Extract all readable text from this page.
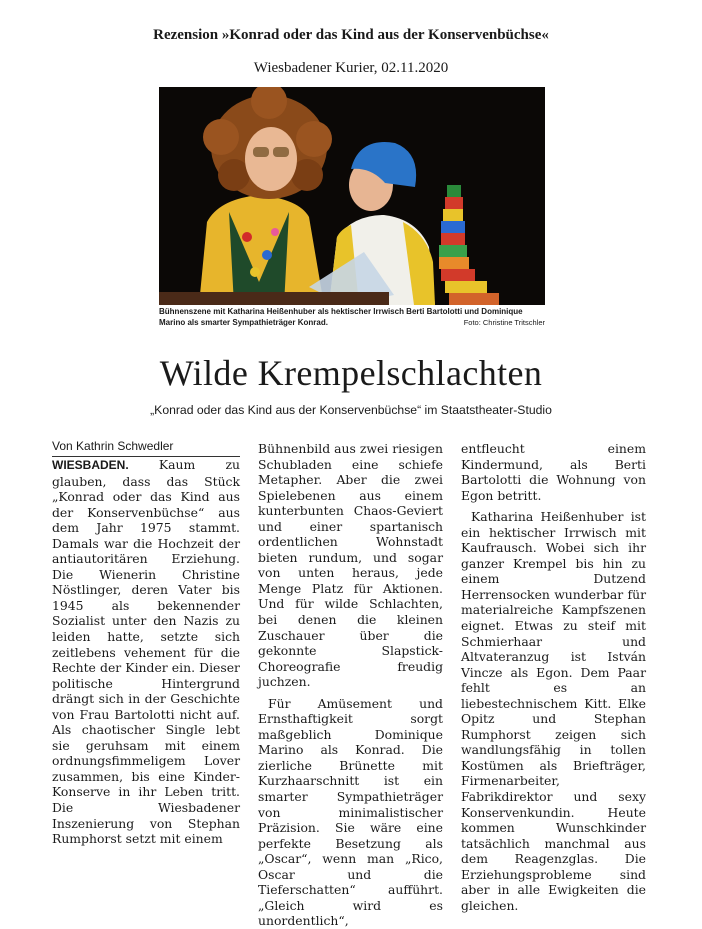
Rezension »Konrad oder das Kind aus der Konservenbüchse«
Wiesbadener Kurier, 02.11.2020
Bühnenszene mit Katharina Heißenhuber als hektischer Irrwisch Berti Bartolotti und Dominique Marino als smarter Sympathieträger Konrad.	Foto: Christine Tritschler
Wilde Krempelschlachten
„Konrad oder das Kind aus der Konservenbüchse“ im Staatstheater-Studio
Von Kathrin Schwedler

WIESBADEN. Kaum zu glauben, dass das Stück „Konrad oder das Kind aus der Konservenbüchse“ aus dem Jahr 1975 stammt. Damals war die Hochzeit der antiautoritären Erziehung. Die Wienerin Christine Nöstlinger, deren Vater bis 1945 als bekennender Sozialist unter den Nazis zu leiden hatte, setzte sich zeitlebens vehement für die Rechte der Kinder ein. Dieser politische Hintergrund drängt sich in der Geschichte von Frau Bartolotti nicht auf. Als chaotischer Single lebt sie geruhsam mit einem ordnungsfimmeligem Lover zusammen, bis eine Kinder-Konserve in ihr Leben tritt. Die Wiesbadener Inszenierung von Stephan Rumphorst setzt mit einem

Bühnenbild aus zwei riesigen Schubladen eine schiefe Metapher. Aber die zwei Spielebenen aus einem kunterbunten Chaos-Geviert und einer spartanisch ordentlichen Wohnstadt bieten rundum, und sogar von unten heraus, jede Menge Platz für Aktionen. Und für wilde Schlachten, bei denen die kleinen Zuschauer über die gekonnte Slapstick-Choreografie freudig juchzen.

Für Amüsement und Ernsthaftigkeit sorgt maßgeblich Dominique Marino als Konrad. Die zierliche Brünette mit Kurzhaarschnitt ist ein smarter Sympathieträger von minimalistischer Präzision. Sie wäre eine perfekte Besetzung als „Oscar“, wenn man „Rico, Oscar und die Tieferschatten“ aufführt. „Gleich wird es unordentlich“,

entfleucht einem Kindermund, als Berti Bartolotti die Wohnung von Egon betritt.

Katharina Heißenhuber ist ein hektischer Irrwisch mit Kaufrausch. Wobei sich ihr ganzer Krempel bis hin zu einem Dutzend Herrensocken wunderbar für materialreiche Kampfszenen eignet. Etwas zu steif mit Schmierhaar und Altvateranzug ist István Vincze als Egon. Dem Paar fehlt es an liebestechnischem Kitt. Elke Opitz und Stephan Rumphorst zeigen sich wandlungsfähig in tollen Kostümen als Briefträger, Firmenarbeiter, Fabrikdirektor und sexy Konservenkundin. Heute kommen Wunschkinder tatsächlich manchmal aus dem Reagenzglas. Die Erziehungsprobleme sind aber in alle Ewigkeiten die gleichen.
